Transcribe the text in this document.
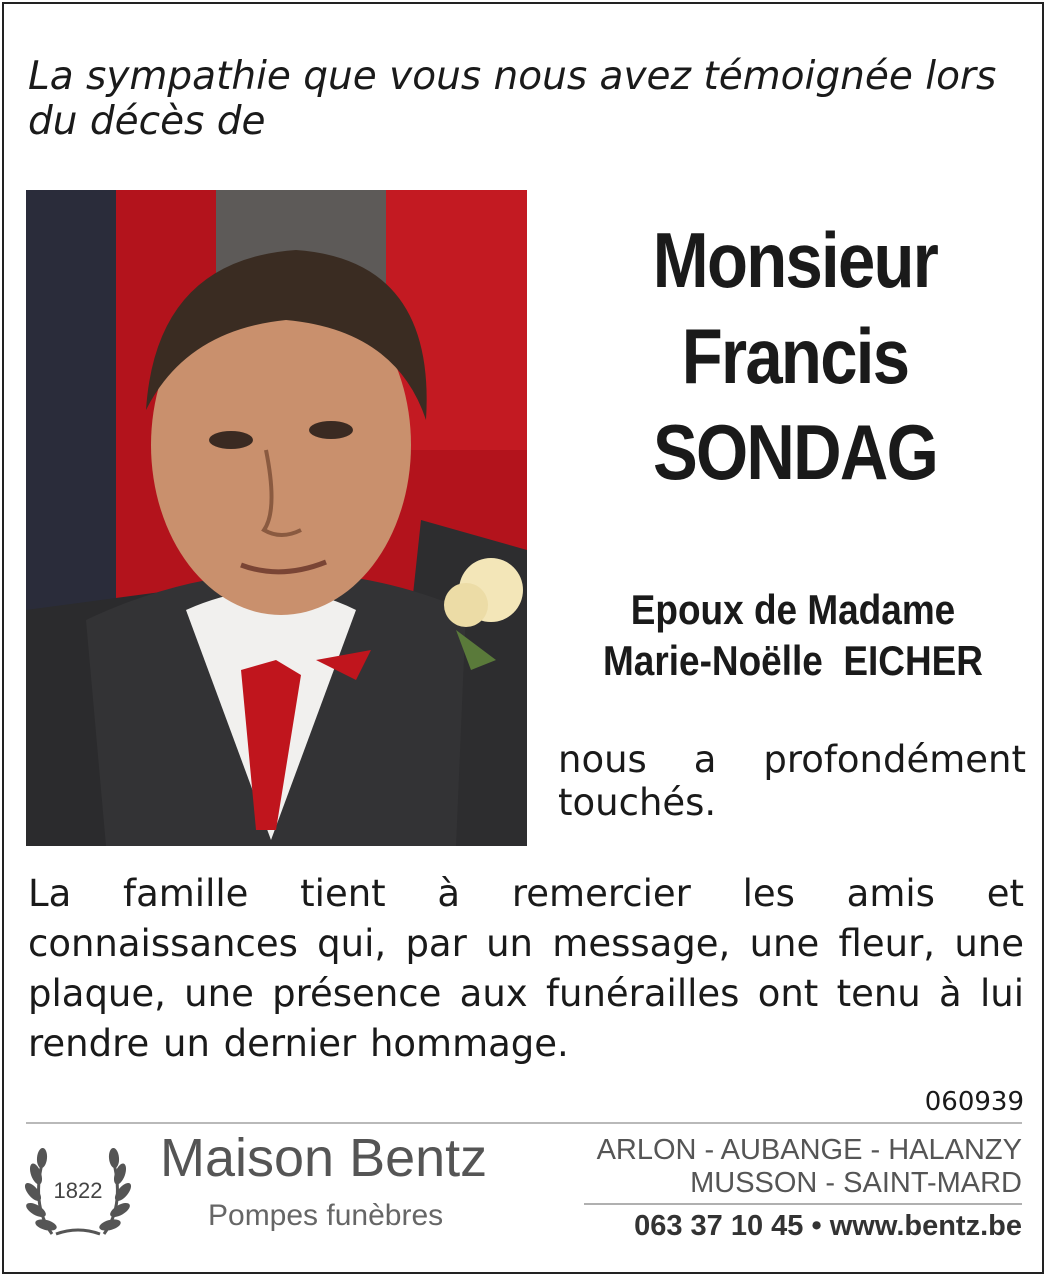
La sympathie que vous nous avez témoignée lors
du décès de
Monsieur
Francis
SONDAG
Epoux de Madame
Marie-Noëlle  EICHER
nous a profondément touchés.
La famille tient à remercier les amis et connaissances qui, par un message, une fleur, une plaque, une présence aux funérailles ont tenu à lui rendre un dernier hommage.
060939
1822
Maison Bentz
Pompes funèbres
ARLON - AUBANGE - HALANZY
MUSSON - SAINT-MARD
063 37 10 45 • www.bentz.be
